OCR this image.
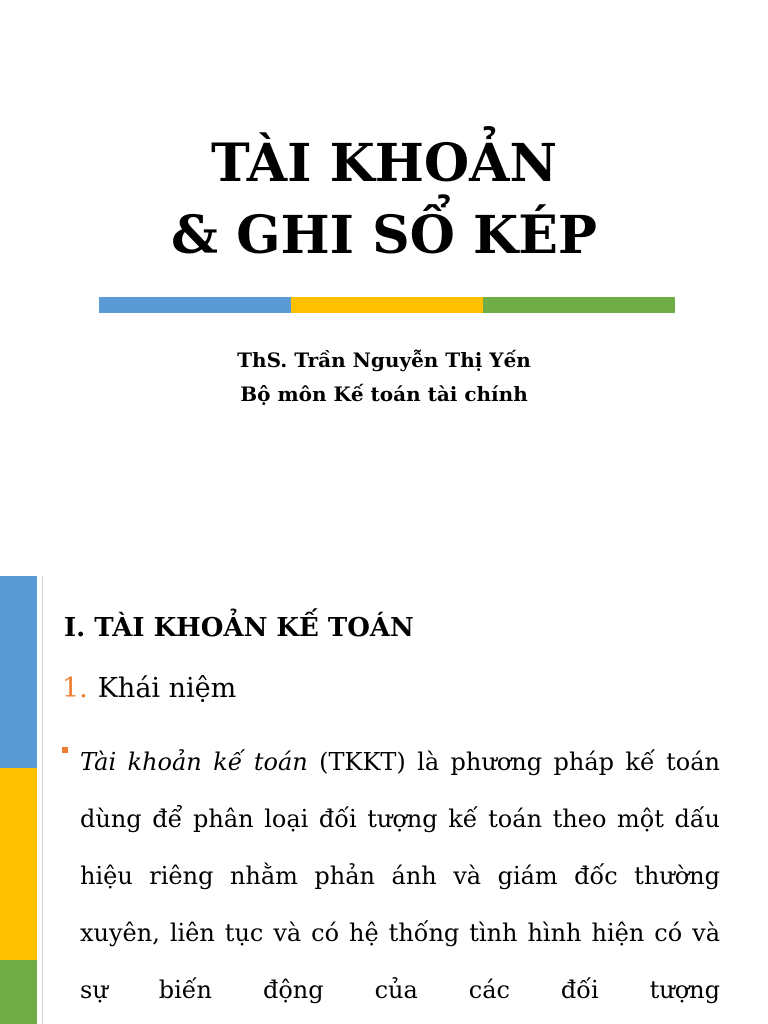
TÀI KHOẢN
& GHI SỔ KÉP
ThS. Trần Nguyễn Thị Yến
Bộ môn Kế toán tài chính
I. TÀI KHOẢN KẾ TOÁN
1. Khái niệm

Tài khoản kế toán (TKKT) là phương pháp kế toán dùng để phân loại đối tượng kế toán theo một dấu hiệu riêng nhằm phản ánh và giám đốc thường xuyên, liên tục và có hệ thống tình hình hiện có và sự biến động của các đối tượng
